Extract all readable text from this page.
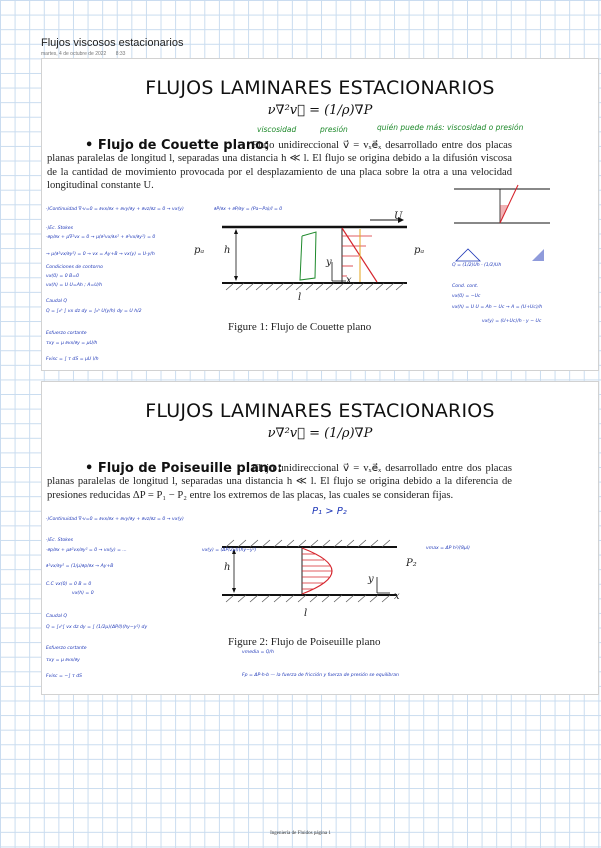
Flujos viscosos estacionarios
martes, 4 de octubre de 2022 8:33
FLUJOS LAMINARES ESTACIONARIOS
ν∇²v⃗ = (1/ρ)∇P
viscosidad	presión	quién puede más: viscosidad o presión
• Flujo de Couette plano:
Flujo unidireccional v⃗ = vₓe⃗ₓ desarrollado entre dos placas planas paralelas de longitud l, separadas una distancia h ≪ l. El flujo se origina debido a la difusión viscosa de la cantidad de movimiento provocada por el desplazamiento de una placa sobre la otra a una velocidad longitudinal constante U.
U
h
pₐ	pₐ
y
x
l
Figure 1: Flujo de Couette plano
·)Continuidad ∇·v=0 = ∂vx/∂x + ∂vy/∂y + ∂vz/∂z = 0 → vx(y)
·)Ec. Stokes
-∂p/∂x + μ∇²vx = 0 → μ(∂²vx/∂x² + ∂²vx/∂y²) = 0
→ μ(∂²vx/∂y²) = 0 → vx = Ay+B → vx(y) = U·y/h
Condiciones de contorno
vx(0) = 0 B=0
vx(h) = U U=Ah ; A=U/h
Caudal Q
Q = ∫₀ʰ ∫ vx dz dy = ∫₀ʰ U(y/h) dy = U h/2
Esfuerzo cortante
τxy = μ ∂vx/∂y = μU/h
Fvisc = ∫ τ dS = μU l/h
∂P/∂x + ∂P/∂y = (Pa−Pa)/l = 0
Q = (1/2)Uh · (1/2)Uh
Cond. cont.
vx(0) = −Uc
vx(h) = U U = Ah − Uc → A = (U+Uc)/h
vx(y) = (U+Uc)/h · y − Uc
FLUJOS LAMINARES ESTACIONARIOS
ν∇²v⃗ = (1/ρ)∇P
• Flujo de Poiseuille plano:
Flujo unidireccional v⃗ = vₓe⃗ₓ desarrollado entre dos placas planas paralelas de longitud l, separadas una distancia h ≪ l. El flujo se origina debido a la diferencia de presiones reducidas ΔP = P₁ − P₂ entre los extremos de las placas, las cuales se consideran fijas.
P₁ > P₂
h	P₂
y
x
l
Figure 2: Flujo de Poiseuille plano
·)Continuidad ∇·v=0 = ∂vx/∂x + ∂vy/∂y + ∂vz/∂z = 0 → vx(y)
·)Ec. Stokes
-∂p/∂x + μ∂²vx/∂y² = 0 → vx(y) = ...
∂²vx/∂y² = (1/μ)∂p/∂x → Ay+B
C.C vx(0) = 0 B = 0
vx(h) = 0
Caudal Q
Q = ∫₀ʰ∫ vx dz dy = ∫ (1/2μ)(ΔP/l)(hy−y²) dy
Esfuerzo cortante
τxy = μ ∂vx/∂y
Fvisc = −∫ τ dS
vmax = ΔP h²/(8μl)
vx(y) = (ΔP/2μl)(hy−y²)
vmedia = Q/h
Fp = ΔP·h·b — la fuerza de fricción y fuerza de presión se equilibran
Ingeniería de Fluidos página 1
